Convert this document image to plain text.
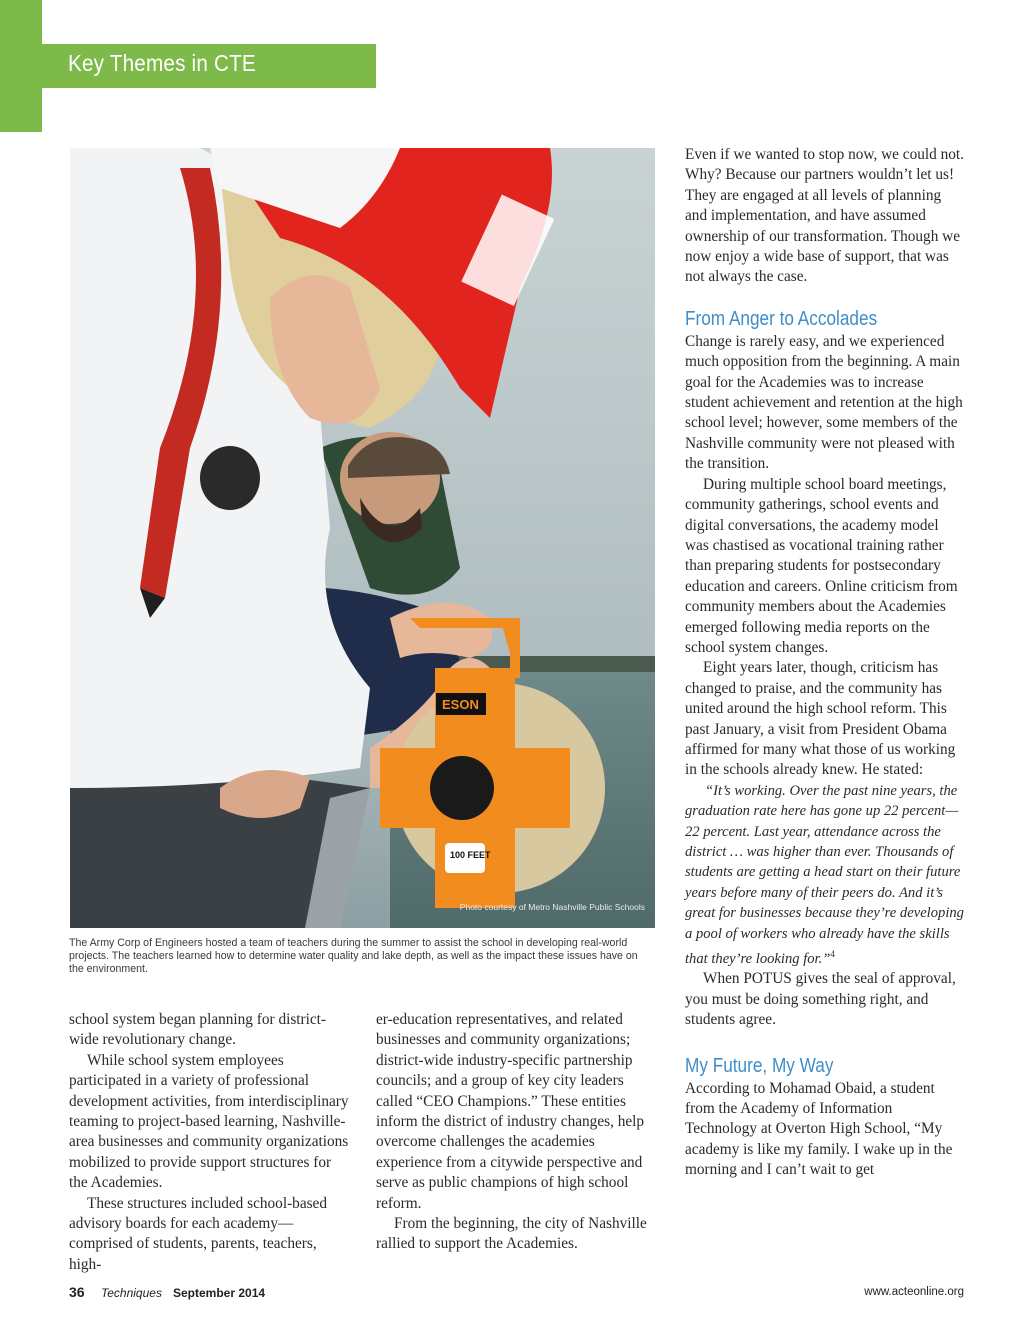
Key Themes in CTE
ESON
100 FEET
Photo courtesy of Metro Nashville Public Schools
The Army Corp of Engineers hosted a team of teachers during the summer to assist the school in developing real-world projects. The teachers learned how to determine water quality and lake depth, as well as the impact these issues have on the environment.

school system began planning for district-wide revolutionary change.

While school system employees participated in a variety of professional development activities, from interdisciplinary teaming to project-based learning, Nashville-area businesses and community organizations mobilized to provide support structures for the Academies.

These structures included school-based advisory boards for each academy—comprised of students, parents, teachers, high-

er-education representatives, and related businesses and community organizations; district-wide industry-specific partnership councils; and a group of key city leaders called “CEO Champions.” These entities inform the district of industry changes, help overcome challenges the academies experience from a citywide perspective and serve as public champions of high school reform.

From the beginning, the city of Nashville rallied to support the Academies.

Even if we wanted to stop now, we could not. Why? Because our partners wouldn’t let us! They are engaged at all levels of planning and implementation, and have assumed ownership of our transformation. Though we now enjoy a wide base of support, that was not always the case.

From Anger to Accolades

Change is rarely easy, and we experienced much opposition from the beginning. A main goal for the Academies was to increase student achievement and retention at the high school level; however, some members of the Nashville community were not pleased with the transition.

During multiple school board meetings, community gatherings, school events and digital conversations, the academy model was chastised as vocational training rather than preparing students for postsecondary education and careers. Online criticism from community members about the Academies emerged following media reports on the school system changes.

Eight years later, though, criticism has changed to praise, and the community has united around the high school reform. This past January, a visit from President Obama affirmed for many what those of us working in the schools already knew. He stated:

“It’s working. Over the past nine years, the graduation rate here has gone up 22 percent—22 percent. Last year, attendance across the district … was higher than ever. Thousands of students are getting a head start on their future years before many of their peers do. And it’s great for businesses because they’re developing a pool of workers who already have the skills that they’re looking for.”$^4$

When POTUS gives the seal of approval, you must be doing something right, and students agree.

My Future, My Way

According to Mohamad Obaid, a student from the Academy of Information Technology at Overton High School, “My academy is like my family. I wake up in the morning and I can’t wait to get

36 Techniques September 2014	www.acteonline.org
